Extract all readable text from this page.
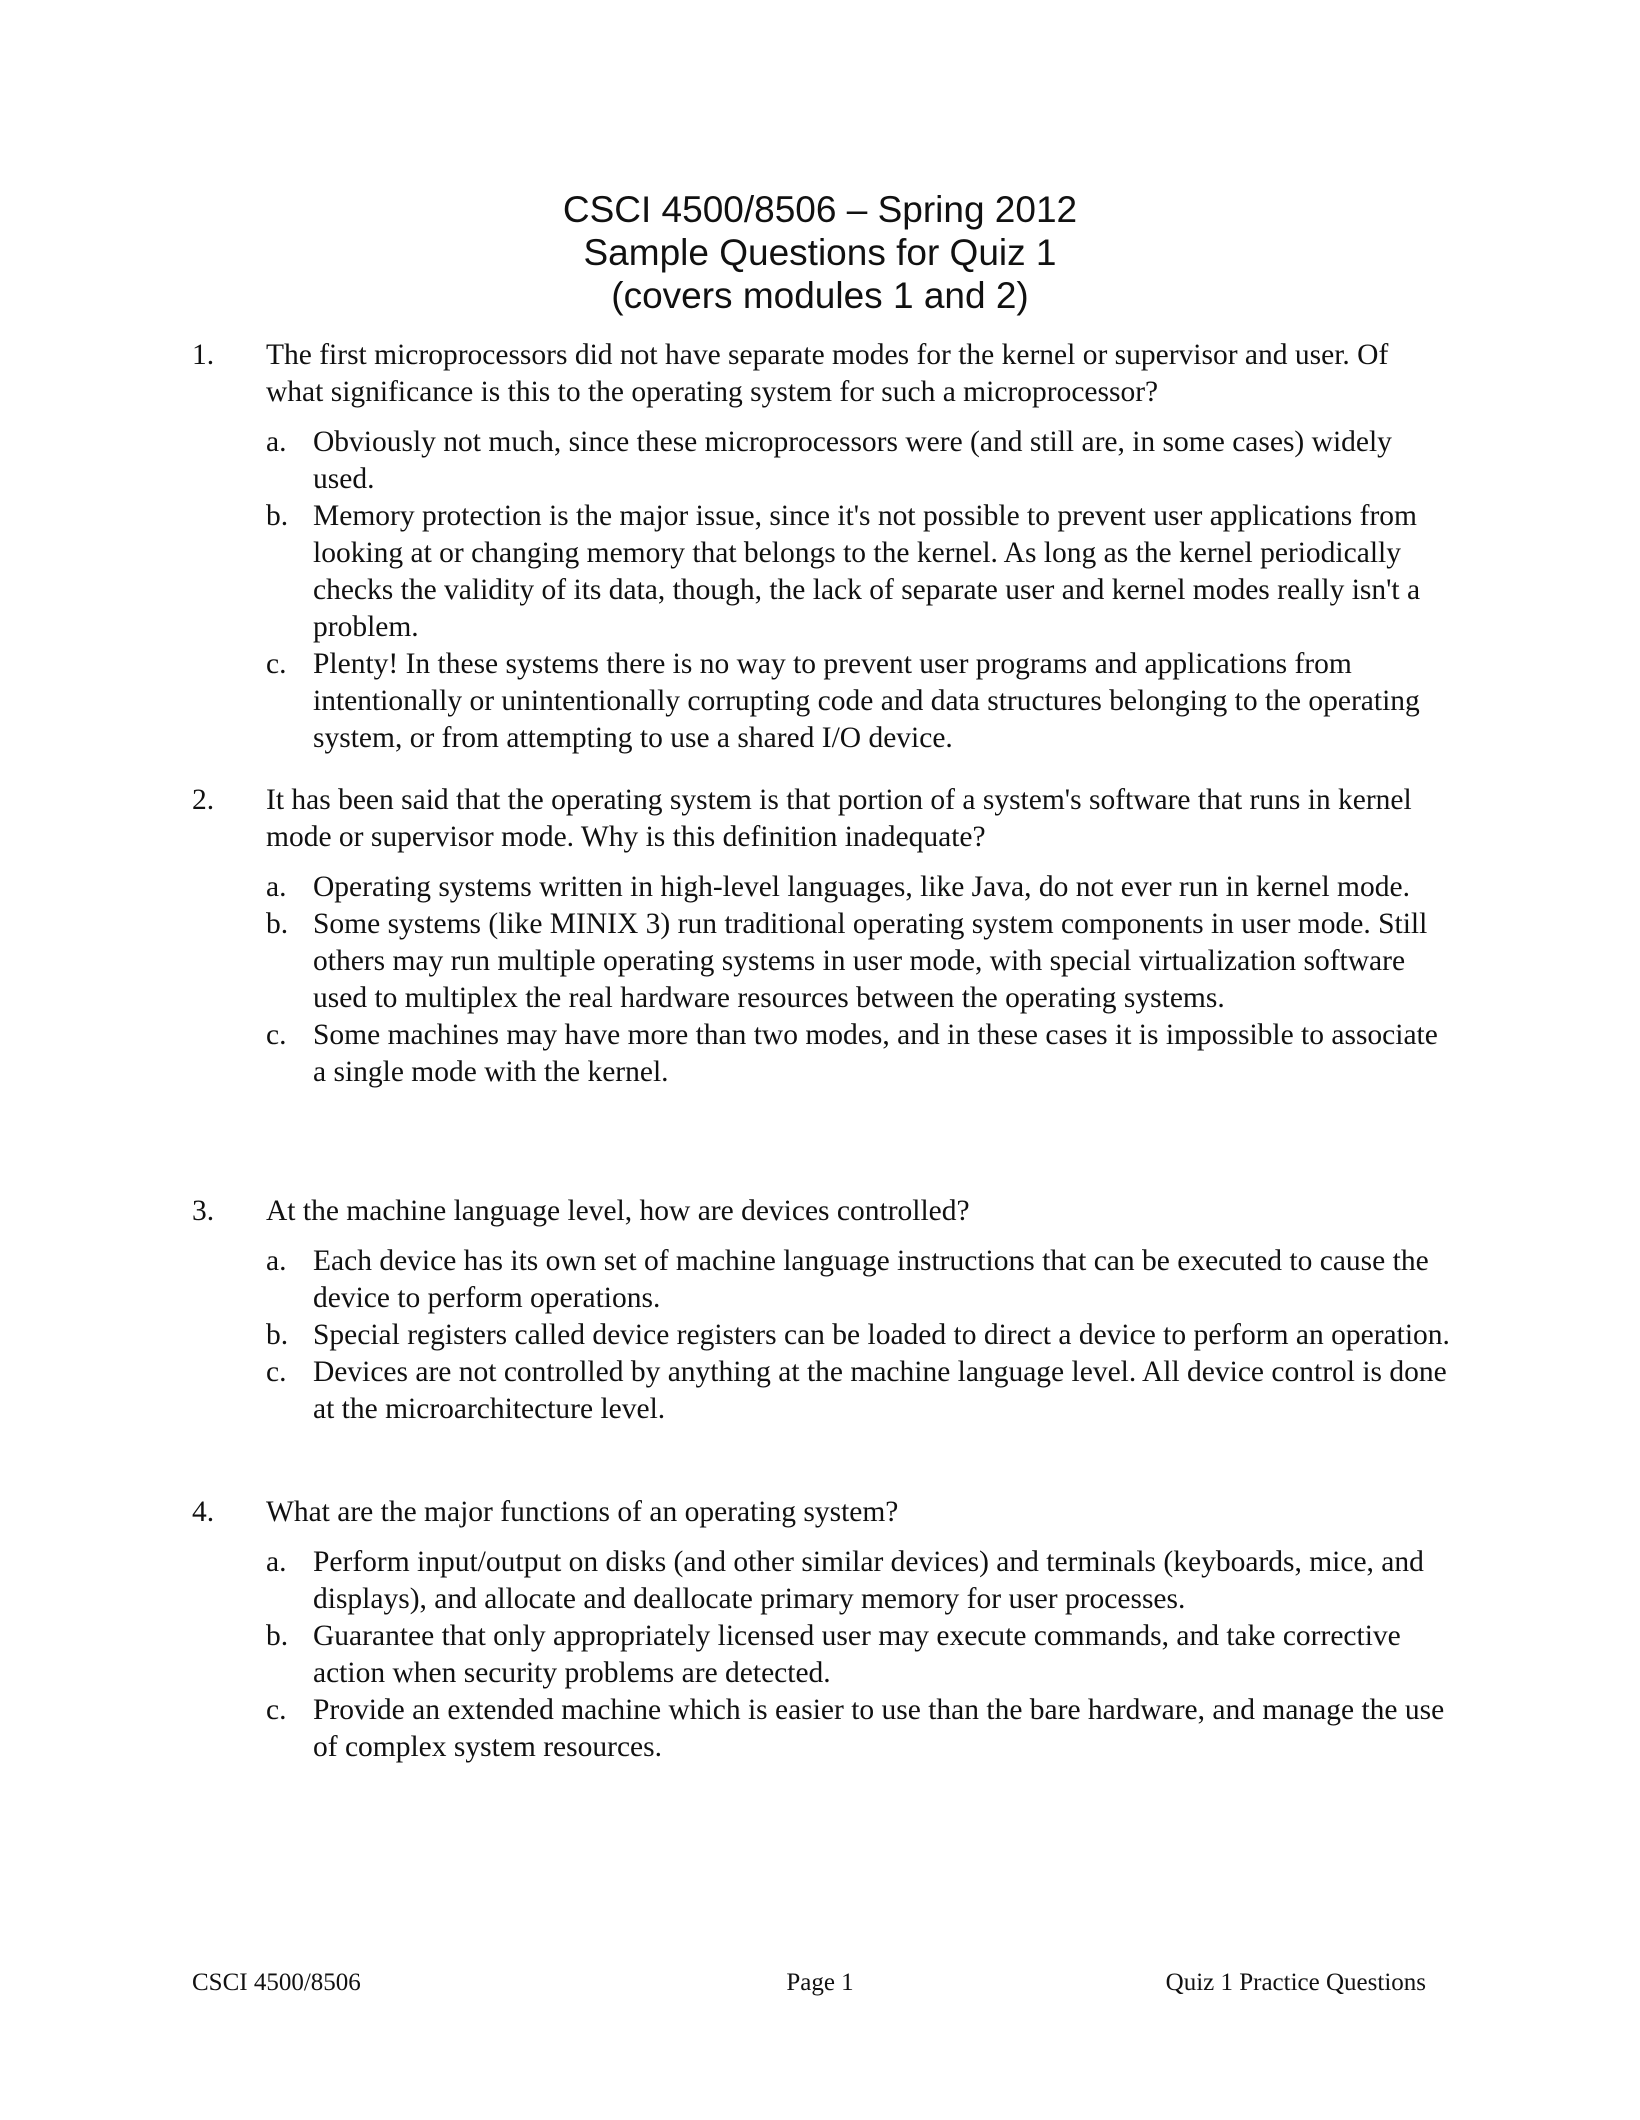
CSCI 4500/8506 – Spring 2012
Sample Questions for Quiz 1
(covers modules 1 and 2)
1. The first microprocessors did not have separate modes for the kernel or supervisor and user. Of what significance is this to the operating system for such a microprocessor?
a. Obviously not much, since these microprocessors were (and still are, in some cases) widely used.
b. Memory protection is the major issue, since it's not possible to prevent user applications from looking at or changing memory that belongs to the kernel. As long as the kernel periodically checks the validity of its data, though, the lack of separate user and kernel modes really isn't a problem.
c. Plenty! In these systems there is no way to prevent user programs and applications from intentionally or unintentionally corrupting code and data structures belonging to the operating system, or from attempting to use a shared I/O device.
2. It has been said that the operating system is that portion of a system's software that runs in kernel mode or supervisor mode. Why is this definition inadequate?
a. Operating systems written in high-level languages, like Java, do not ever run in kernel mode.
b. Some systems (like MINIX 3) run traditional operating system components in user mode. Still others may run multiple operating systems in user mode, with special virtualization software used to multiplex the real hardware resources between the operating systems.
c. Some machines may have more than two modes, and in these cases it is impossible to associate a single mode with the kernel.
3. At the machine language level, how are devices controlled?
a. Each device has its own set of machine language instructions that can be executed to cause the device to perform operations.
b. Special registers called device registers can be loaded to direct a device to perform an operation.
c. Devices are not controlled by anything at the machine language level. All device control is done at the microarchitecture level.
4. What are the major functions of an operating system?
a. Perform input/output on disks (and other similar devices) and terminals (keyboards, mice, and displays), and allocate and deallocate primary memory for user processes.
b. Guarantee that only appropriately licensed user may execute commands, and take corrective action when security problems are detected.
c. Provide an extended machine which is easier to use than the bare hardware, and manage the use of complex system resources.
CSCI 4500/8506	Page 1	Quiz 1 Practice Questions
